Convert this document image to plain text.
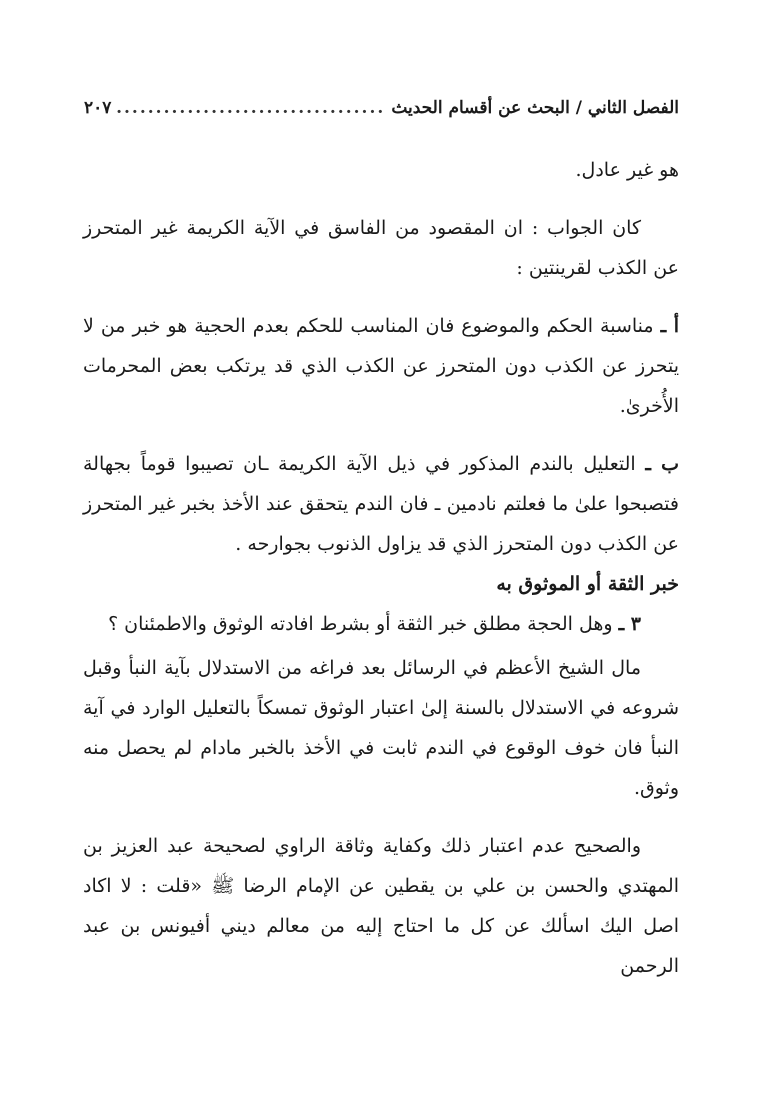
الفصل الثاني / البحث عن أقسام الحديث
..................................
٢٠٧

هو غير عادل.

كان الجواب : ان المقصود من الفاسق في الآية الكريمة غير المتحرز عن الكذب لقرينتين :

أ ـ مناسبة الحكم والموضوع فان المناسب للحكم بعدم الحجية هو خبر من لا يتحرز عن الكذب دون المتحرز عن الكذب الذي قد يرتكب بعض المحرمات الأُخرىٰ.

ب ـ التعليل بالندم المذكور في ذيل الآية الكريمة ـان تصيبوا قوماً بجهالة فتصبحوا علىٰ ما فعلتم نادمين ـ فان الندم يتحقق عند الأخذ بخبر غير المتحرز عن الكذب دون المتحرز الذي قد يزاول الذنوب بجوارحه .

خبر الثقة أو الموثوق به

٣ ـ وهل الحجة مطلق خبر الثقة أو بشرط افادته الوثوق والاطمئنان ؟

مال الشيخ الأعظم في الرسائل بعد فراغه من الاستدلال بآية النبأ وقبل شروعه في الاستدلال بالسنة إلىٰ اعتبار الوثوق تمسكاً بالتعليل الوارد في آية النبأ فان خوف الوقوع في الندم ثابت في الأخذ بالخبر مادام لم يحصل منه وثوق.

والصحيح عدم اعتبار ذلك وكفاية وثاقة الراوي لصحيحة عبد العزيز بن المهتدي والحسن بن علي بن يقطين عن الإمام الرضا ﷺ «قلت : لا اكاد اصل اليك اسألك عن كل ما احتاج إليه من معالم ديني أفيونس بن عبد الرحمن
